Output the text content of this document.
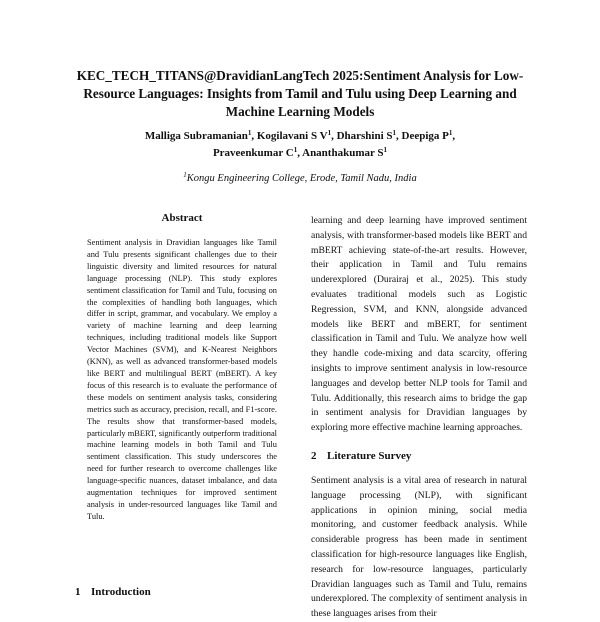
KEC_TECH_TITANS@DravidianLangTech 2025:Sentiment Analysis for Low-Resource Languages: Insights from Tamil and Tulu using Deep Learning and Machine Learning Models
Malliga Subramanian$^1$, Kogilavani S $V^1$, Dharshini $S^1$, Deepiga $P^1$,
Praveenkumar $C^1$, Ananthakumar $S^1$
$^1$Kongu Engineering College, Erode, Tamil Nadu, India
Abstract
Sentiment analysis in Dravidian languages like Tamil and Tulu presents significant challenges due to their linguistic diversity and limited resources for natural language processing (NLP). This study explores sentiment classification for Tamil and Tulu, focusing on the complexities of handling both languages, which differ in script, grammar, and vocabulary. We employ a variety of machine learning and deep learning techniques, including traditional models like Support Vector Machines (SVM), and K-Nearest Neighbors (KNN), as well as advanced transformer-based models like BERT and multilingual BERT (mBERT). A key focus of this research is to evaluate the performance of these models on sentiment analysis tasks, considering metrics such as accuracy, precision, recall, and F1-score. The results show that transformer-based models, particularly mBERT, significantly outperform traditional machine learning models in both Tamil and Tulu sentiment classification. This study underscores the need for further research to overcome challenges like language-specific nuances, dataset imbalance, and data augmentation techniques for improved sentiment analysis in under-resourced languages like Tamil and Tulu.
1 Introduction

learning and deep learning have improved sentiment analysis, with transformer-based models like BERT and mBERT achieving state-of-the-art results. However, their application in Tamil and Tulu remains underexplored (Durairaj et al., 2025). This study evaluates traditional models such as Logistic Regression, SVM, and KNN, alongside advanced models like BERT and mBERT, for sentiment classification in Tamil and Tulu. We analyze how well they handle code-mixing and data scarcity, offering insights to improve sentiment analysis in low-resource languages and develop better NLP tools for Tamil and Tulu. Additionally, this research aims to bridge the gap in sentiment analysis for Dravidian languages by exploring more effective machine learning approaches.

2 Literature Survey

Sentiment analysis is a vital area of research in natural language processing (NLP), with significant applications in opinion mining, social media monitoring, and customer feedback analysis. While considerable progress has been made in sentiment classification for high-resource languages like English, research for low-resource languages, particularly Dravidian languages such as Tamil and Tulu, remains underexplored. The complexity of sentiment analysis in these languages arises from their
